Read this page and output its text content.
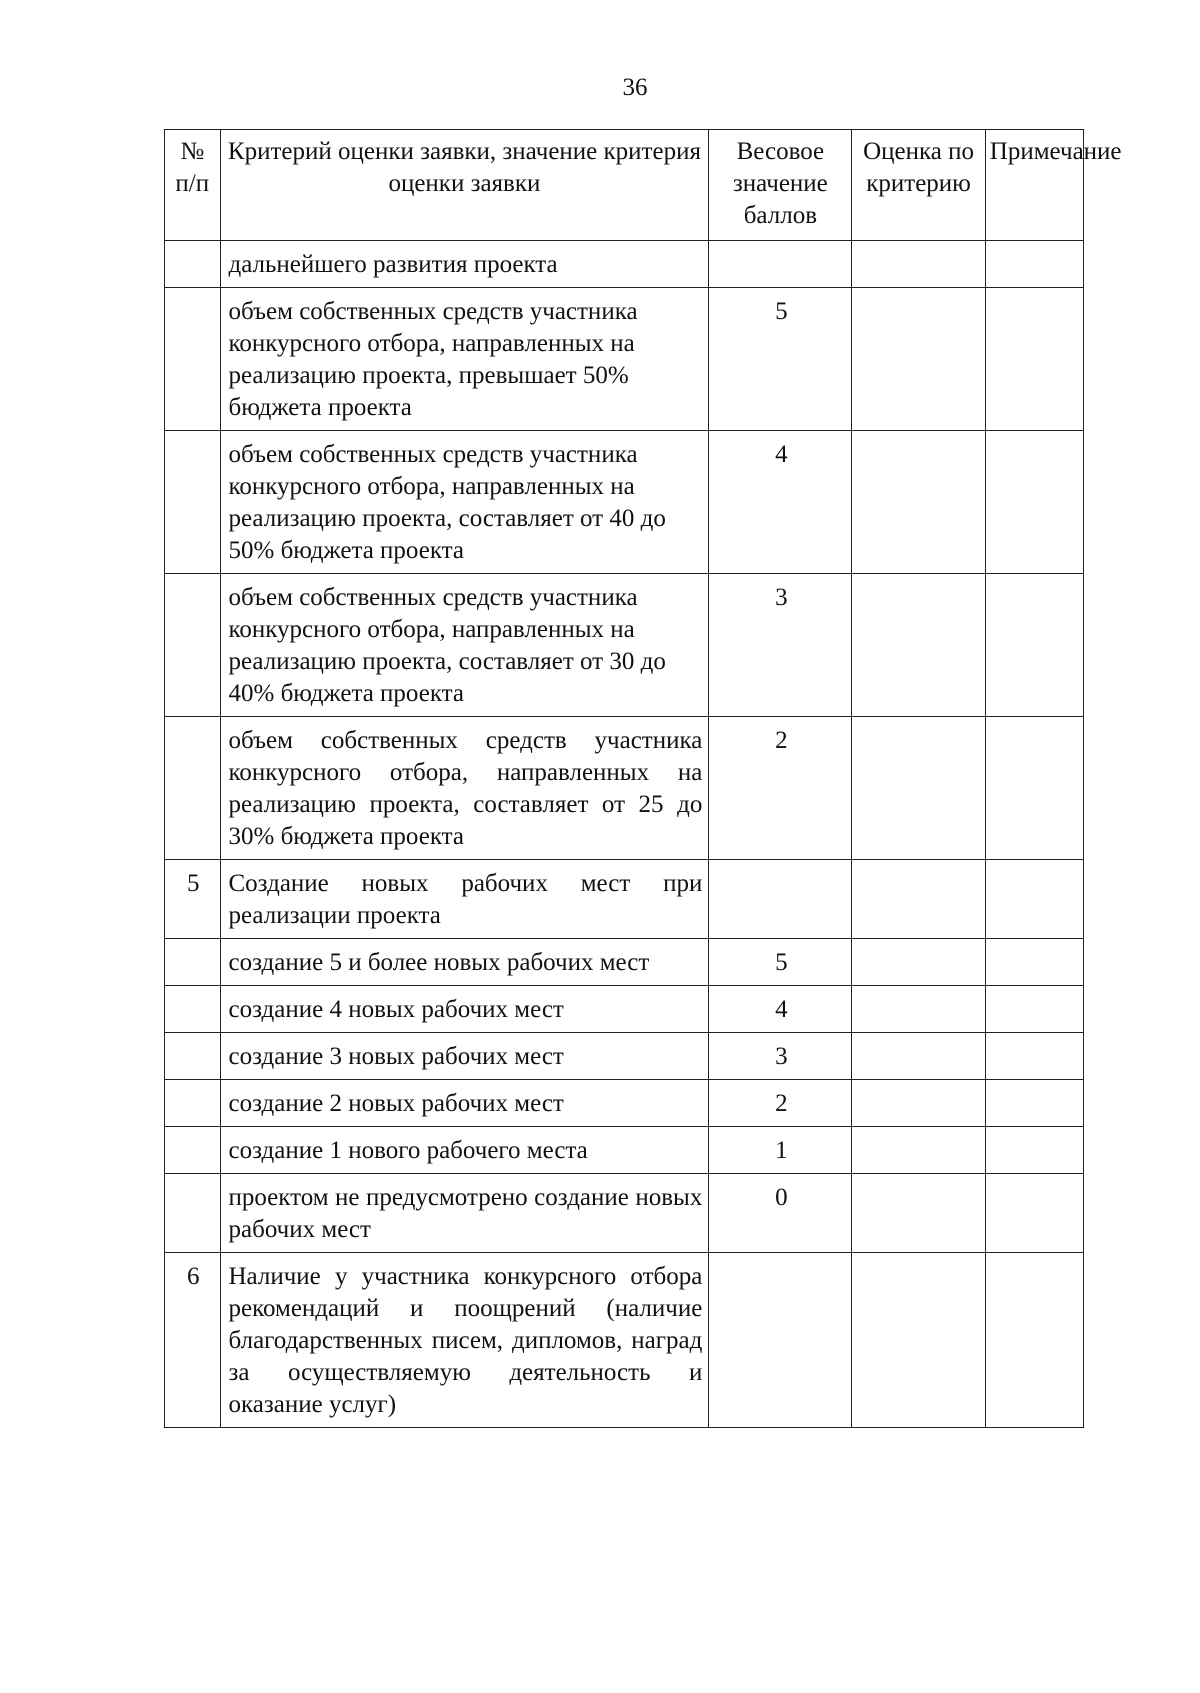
36
№ п/п	Критерий оценки заявки, значение критерия оценки заявки	Весовое значение баллов	Оценка по критерию	Примечание
	дальнейшего развития проекта			
	объем собственных средств участника конкурсного отбора, направленных на реализацию проекта, превышает 50% бюджета проекта	5		
	объем собственных средств участника конкурсного отбора, направленных на реализацию проекта, составляет от 40 до 50% бюджета проекта	4		
	объем собственных средств участника конкурсного отбора, направленных на реализацию проекта, составляет от 30 до 40% бюджета проекта	3		
	объем собственных средств участника конкурсного отбора, направленных на реализацию проекта, составляет от 25 до 30% бюджета проекта	2		
5	Создание новых рабочих мест при реализации проекта			
	создание 5 и более новых рабочих мест	5		
	создание 4 новых рабочих мест	4		
	создание 3 новых рабочих мест	3		
	создание 2 новых рабочих мест	2		
	создание 1 нового рабочего места	1		
	проектом не предусмотрено создание новых рабочих мест	0		
6	Наличие у участника конкурсного отбора рекомендаций и поощрений (наличие благодарственных писем, дипломов, наград за осуществляемую деятельность и оказание услуг)			
